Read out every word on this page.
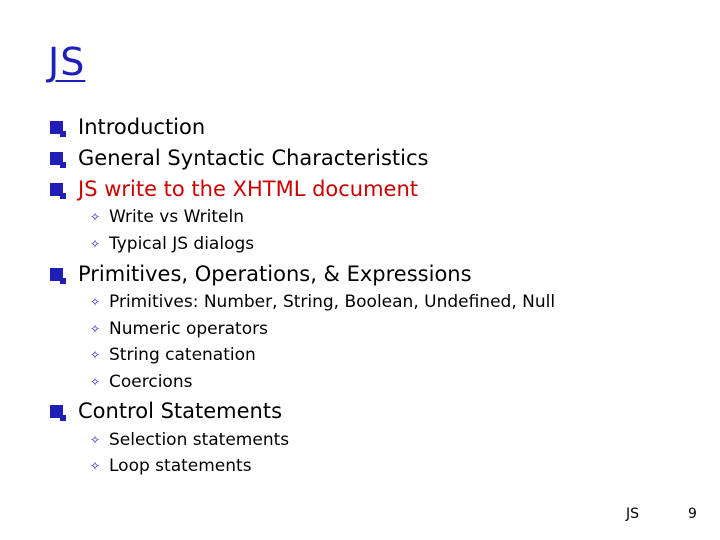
JS
Introduction
General Syntactic Characteristics
JS write to the XHTML document
✧ Write vs Writeln
✧ Typical JS dialogs
Primitives, Operations, & Expressions
✧ Primitives: Number, String, Boolean, Undefined, Null
✧ Numeric operators
✧ String catenation
✧ Coercions
Control Statements
✧ Selection statements
✧ Loop statements
JS	9
